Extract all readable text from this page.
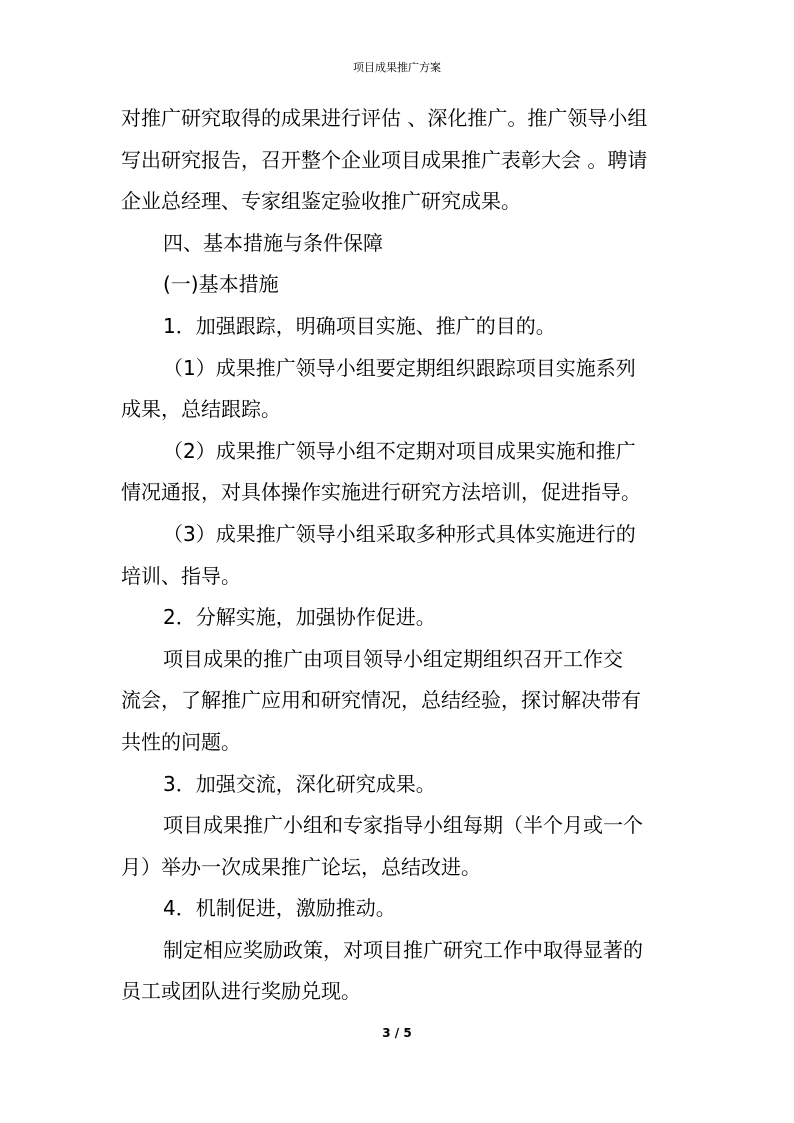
项目成果推广方案
对推广研究取得的成果进行评估 、深化推广。推广领导小组
写出研究报告，召开整个企业项目成果推广表彰大会 。聘请
企业总经理、专家组鉴定验收推广研究成果。
四、基本措施与条件保障
(一)基本措施
1．加强跟踪，明确项目实施、推广的目的。
（1）成果推广领导小组要定期组织跟踪项目实施系列
成果，总结跟踪。
（2）成果推广领导小组不定期对项目成果实施和推广
情况通报，对具体操作实施进行研究方法培训，促进指导。
（3）成果推广领导小组采取多种形式具体实施进行的
培训、指导。
2．分解实施，加强协作促进。
项目成果的推广由项目领导小组定期组织召开工作交
流会，了解推广应用和研究情况，总结经验，探讨解决带有
共性的问题。
3．加强交流，深化研究成果。
项目成果推广小组和专家指导小组每期（半个月或一个
月）举办一次成果推广论坛，总结改进。
4．机制促进，激励推动。
制定相应奖励政策，对项目推广研究工作中取得显著的
员工或团队进行奖励兑现。
3 / 5
